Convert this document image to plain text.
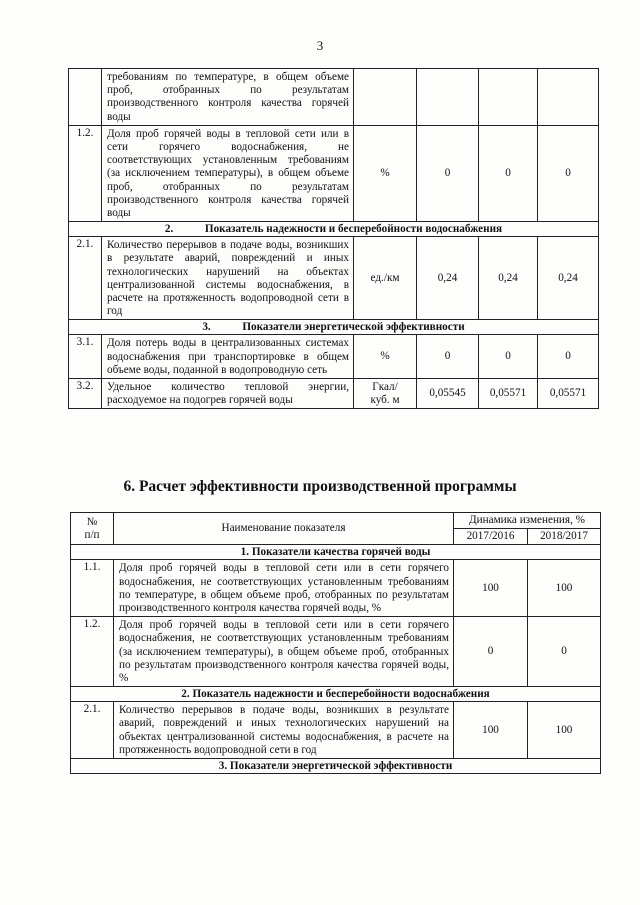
3
	требованиям по температуре, в общем объеме проб, отобранных по результатам производственного контроля качества горячей воды				
1.2.	Доля проб горячей воды в тепловой сети или в сети горячего водоснабжения, не соответствующих установленным требованиям (за исключением температуры), в общем объеме проб, отобранных по результатам производственного контроля качества горячей воды	%	0	0	0
2. Показатель надежности и бесперебойности водоснабжения					
2.1.	Количество перерывов в подаче воды, возникших в результате аварий, повреждений и иных технологических нарушений на объектах централизованной системы водоснабжения, в расчете на протяженность водопроводной сети в год	ед./км	0,24	0,24	0,24
3. Показатели энергетической эффективности					
3.1.	Доля потерь воды в централизованных системах водоснабжения при транспортировке в общем объеме воды, поданной в водопроводную сеть	%	0	0	0
3.2.	Удельное количество тепловой энергии, расходуемое на подогрев горячей воды	Гкал/
куб. м	0,05545	0,05571	0,05571
6. Расчет эффективности производственной программы
№
п/п	Наименование показателя	Динамика изменения, %	
		2017/2016	2018/2017
1. Показатели качества горячей воды			
1.1.	Доля проб горячей воды в тепловой сети или в сети горячего водоснабжения, не соответствующих установленным требованиям по температуре, в общем объеме проб, отобранных по результатам производственного контроля качества горячей воды, %	100	100
1.2.	Доля проб горячей воды в тепловой сети или в сети горячего водоснабжения, не соответствующих установленным требованиям (за исключением температуры), в общем объеме проб, отобранных по результатам производственного контроля качества горячей воды, %	0	0
2. Показатель надежности и бесперебойности водоснабжения			
2.1.	Количество перерывов в подаче воды, возникших в результате аварий, повреждений и иных технологических нарушений на объектах централизованной системы водоснабжения, в расчете на протяженность водопроводной сети в год	100	100
3. Показатели энергетической эффективности			
